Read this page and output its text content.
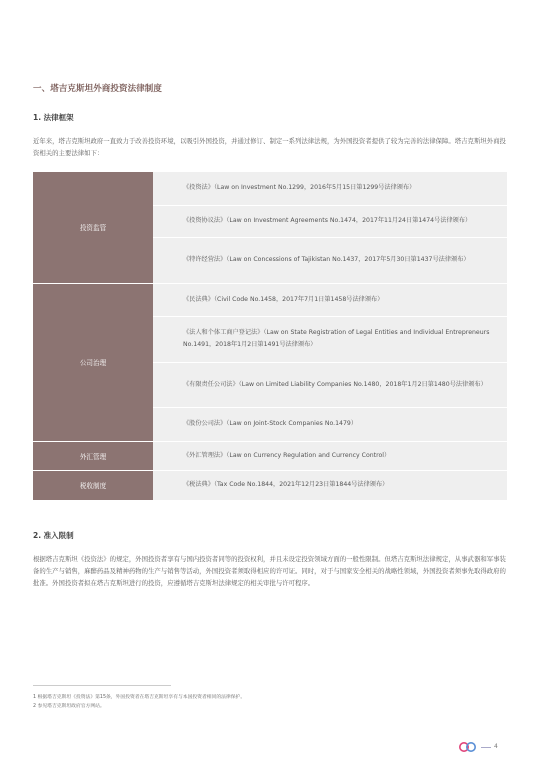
一、塔吉克斯坦外商投资法律制度
1. 法律框架
近年来，塔吉克斯坦政府一直致力于改善投资环境，以吸引外国投资，并通过修订、制定一系列法律法规，为外国投资者提供了较为完善的法律保障。塔吉克斯坦外商投资相关的主要法律如下：
投资监管	《投资法》（Law on Investment No.1299，2016年5月15日第1299号法律颁布）
	《投资协议法》（Law on Investment Agreements No.1474，2017年11月24日第1474号法律颁布）
	《特许经营法》（Law on Concessions of Tajikistan No.1437，2017年5月30日第1437号法律颁布）
公司治理	《民法典》（Civil Code No.1458，2017年7月1日第1458号法律颁布）
	《法人和个体工商户登记法》（Law on State Registration of Legal Entities and Individual Entrepreneurs No.1491，2018年1月2日第1491号法律颁布）
	《有限责任公司法》（Law on Limited Liability Companies No.1480，2018年1月2日第1480号法律颁布）
	《股份公司法》（Law on Joint-Stock Companies No.1479）
外汇管理	《外汇管理法》（Law on Currency Regulation and Currency Control）
税收制度	《税法典》（Tax Code No.1844，2021年12月23日第1844号法律颁布）
2. 准入限制
根据塔吉克斯坦《投资法》的规定，外国投资者享有与国内投资者同等的投资权利，并且未设定投资领域方面的一般性限制。但塔吉克斯坦法律规定，从事武器和军事装备的生产与销售，麻醉药品及精神药物的生产与销售等活动，外国投资者须取得相应的许可证。同时，对于与国家安全相关的战略性领域，外国投资者须事先取得政府的批准。外国投资者拟在塔吉克斯坦进行的投资，应遵循塔吉克斯坦法律规定的相关审批与许可程序。
1 根据塔吉克斯坦《投资法》第15条，外国投资者在塔吉克斯坦享有与本国投资者相同的法律保护。
2 参见塔吉克斯坦政府官方网站。
4
